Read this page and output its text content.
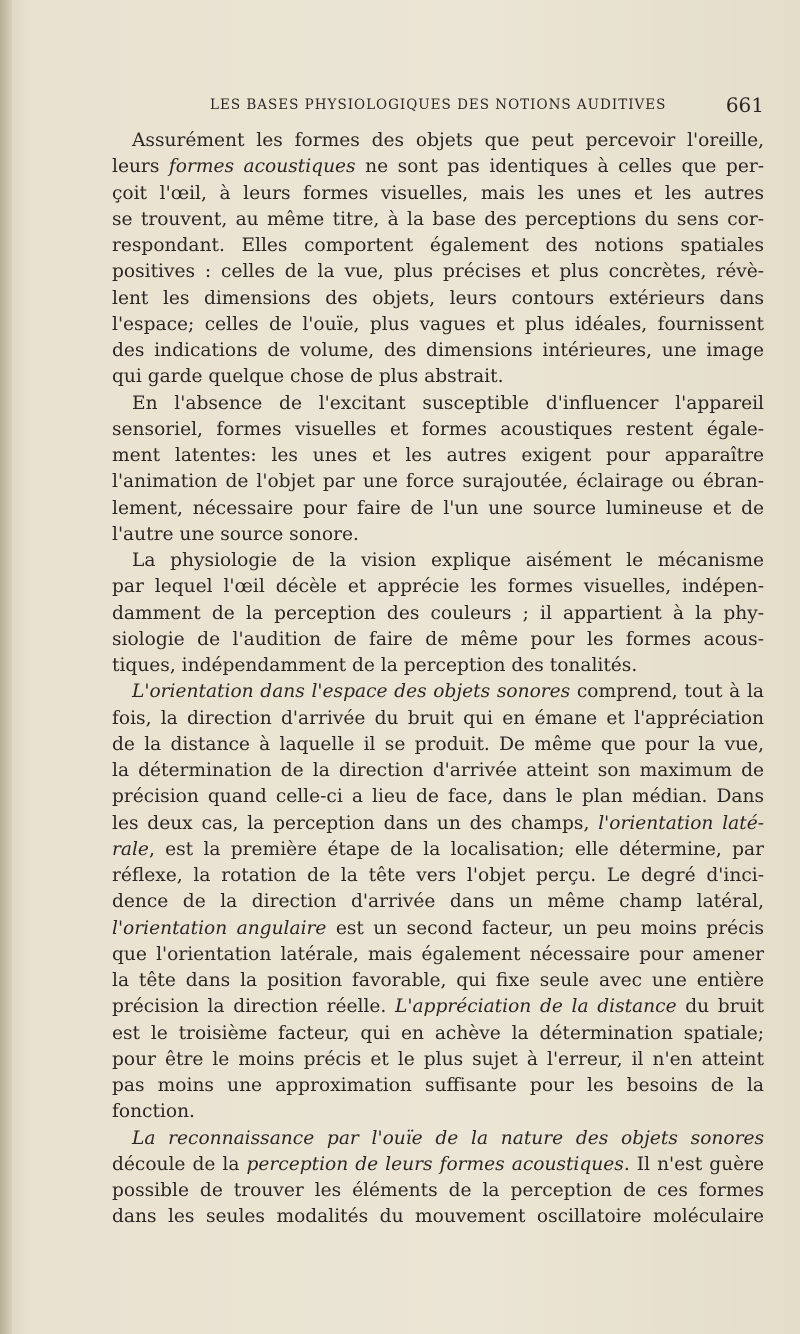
LES BASES PHYSIOLOGIQUES DES NOTIONS AUDITIVES	661
Assurément les formes des objets que peut percevoir l'oreille,
leurs formes acoustiques ne sont pas identiques à celles que per-
çoit l'œil, à leurs formes visuelles, mais les unes et les autres
se trouvent, au même titre, à la base des perceptions du sens cor-
respondant. Elles comportent également des notions spatiales
positives : celles de la vue, plus précises et plus concrètes, révè-
lent les dimensions des objets, leurs contours extérieurs dans
l'espace; celles de l'ouïe, plus vagues et plus idéales, fournissent
des indications de volume, des dimensions intérieures, une image
qui garde quelque chose de plus abstrait.
En l'absence de l'excitant susceptible d'influencer l'appareil
sensoriel, formes visuelles et formes acoustiques restent égale-
ment latentes: les unes et les autres exigent pour apparaître
l'animation de l'objet par une force surajoutée, éclairage ou ébran-
lement, nécessaire pour faire de l'un une source lumineuse et de
l'autre une source sonore.
La physiologie de la vision explique aisément le mécanisme
par lequel l'œil décèle et apprécie les formes visuelles, indépen-
damment de la perception des couleurs ; il appartient à la phy-
siologie de l'audition de faire de même pour les formes acous-
tiques, indépendamment de la perception des tonalités.
L'orientation dans l'espace des objets sonores comprend, tout à la
fois, la direction d'arrivée du bruit qui en émane et l'appréciation
de la distance à laquelle il se produit. De même que pour la vue,
la détermination de la direction d'arrivée atteint son maximum de
précision quand celle-ci a lieu de face, dans le plan médian. Dans
les deux cas, la perception dans un des champs, l'orientation laté-
rale, est la première étape de la localisation; elle détermine, par
réflexe, la rotation de la tête vers l'objet perçu. Le degré d'inci-
dence de la direction d'arrivée dans un même champ latéral,
l'orientation angulaire est un second facteur, un peu moins précis
que l'orientation latérale, mais également nécessaire pour amener
la tête dans la position favorable, qui fixe seule avec une entière
précision la direction réelle. L'appréciation de la distance du bruit
est le troisième facteur, qui en achève la détermination spatiale;
pour être le moins précis et le plus sujet à l'erreur, il n'en atteint
pas moins une approximation suffisante pour les besoins de la
fonction.
La reconnaissance par l'ouïe de la nature des objets sonores
découle de la perception de leurs formes acoustiques. Il n'est guère
possible de trouver les éléments de la perception de ces formes
dans les seules modalités du mouvement oscillatoire moléculaire
